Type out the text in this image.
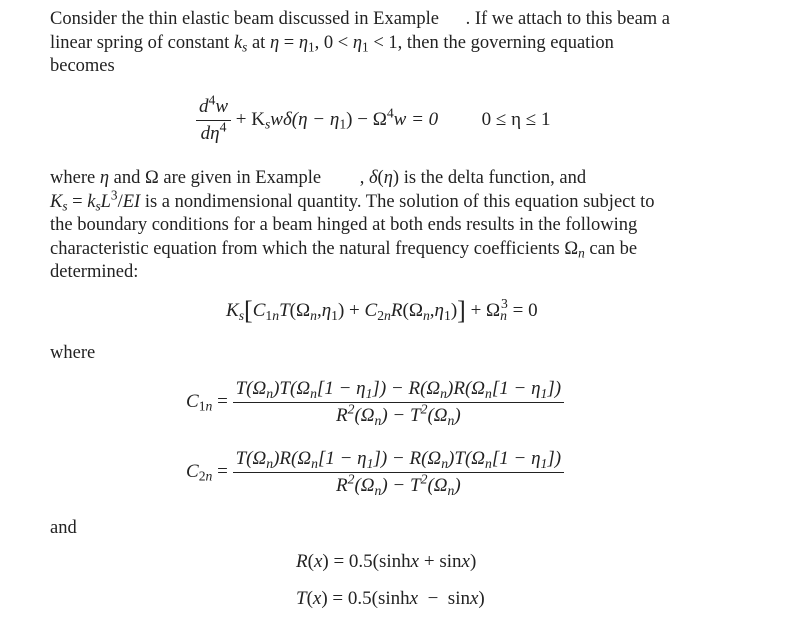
Consider the thin elastic beam discussed in Example . If we attach to this beam a
linear spring of constant $k_s$ at $\eta = \eta_1$, $0 < \eta_1 < 1$, then the governing equation
becomes

$\frac{d^4w}{d\eta^4} + K_sw\delta(\eta - \eta_1) - \Omega^4w = 0$ 0 ≤ η ≤ 1

where η and Ω are given in Example , δ(η) is the delta function, and
$K_s = k_sL^3/EI$ is a nondimensional quantity. The solution of this equation subject to
the boundary conditions for a beam hinged at both ends results in the following
characteristic equation from which the natural frequency coefficients $\Omega_n$ can be
determined:

$K_s[C_{1n}T(\Omega_n,\eta_1) + C_{2n}R(\Omega_n,\eta_1)] + \Omega_n^3 = 0$
where
$C_{1n} = \frac{T(\Omega_n)T(\Omega_n[1 - \eta_1]) - R(\Omega_n)R(\Omega_n[1 - \eta_1])}{R^2(\Omega_n) - T^2(\Omega_n)}$
$C_{2n} = \frac{T(\Omega_n)R(\Omega_n[1 - \eta_1]) - R(\Omega_n)T(\Omega_n[1 - \eta_1])}{R^2(\Omega_n) - T^2(\Omega_n)}$
and
R(x) = 0.5(sinhx + sinx)
T(x) = 0.5(sinhx  −  sinx)
